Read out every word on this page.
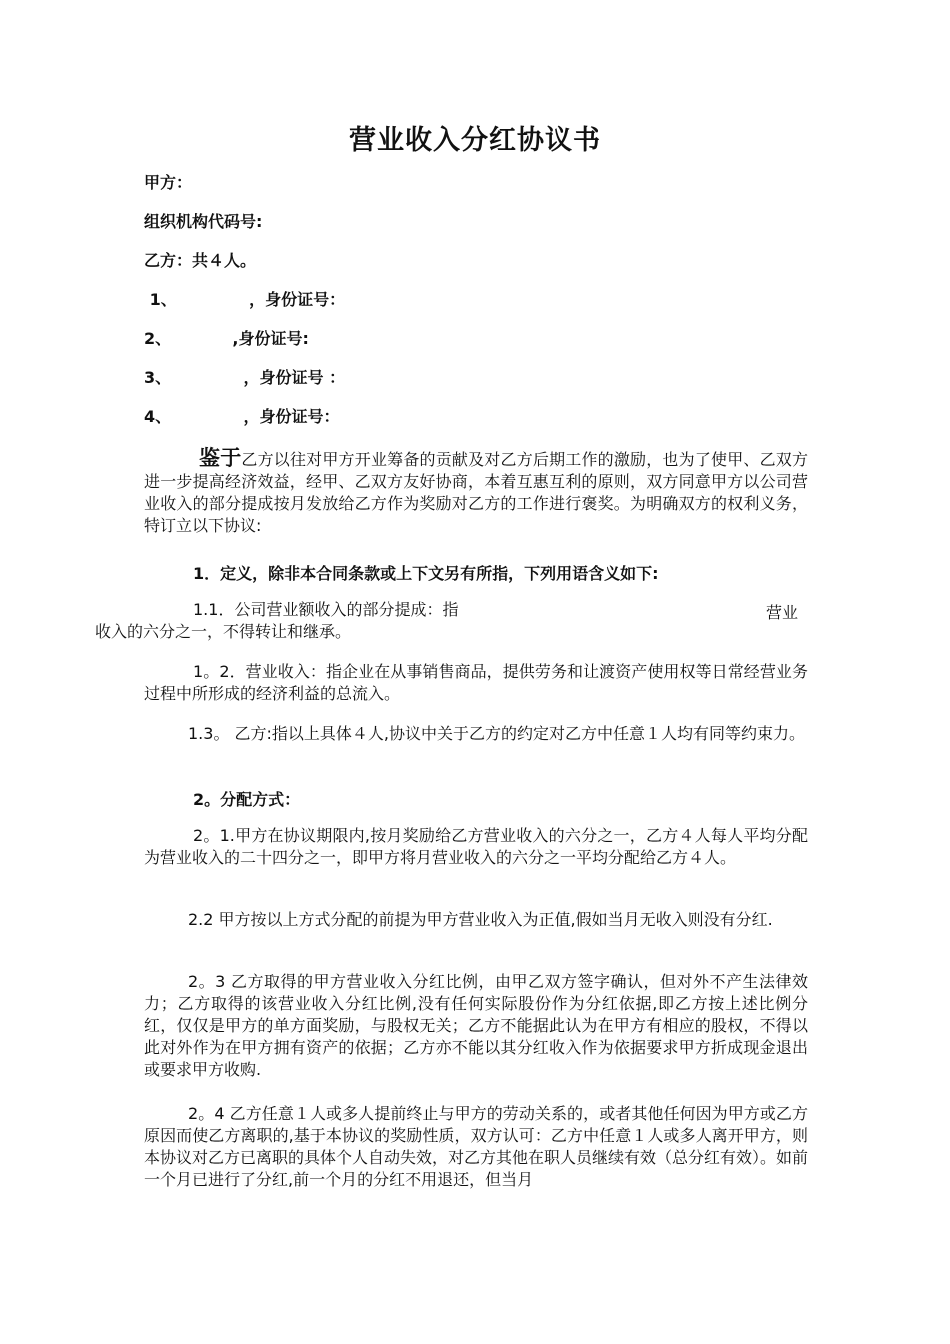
营业收入分红协议书
甲方：
组织机构代码号:
乙方：共４人。
1、             ，身份证号：
2、           ,身份证号:
3、             ，身份证号 ：
4、             ，身份证号：
鉴于乙方以往对甲方开业筹备的贡献及对乙方后期工作的激励，也为了使甲、乙双方进一步提高经济效益，经甲、乙双方友好协商，本着互惠互利的原则，双方同意甲方以公司营业收入的部分提成按月发放给乙方作为奖励对乙方的工作进行褒奖。为明确双方的权利义务，特订立以下协议:
1．定义，除非本合同条款或上下文另有所指，下列用语含义如下:
1.1．公司营业额收入的部分提成：指
收入的六分之一，不得转让和继承。
营业
1。2．营业收入：指企业在从事销售商品，提供劳务和让渡资产使用权等日常经营业务过程中所形成的经济利益的总流入。
1.3。 乙方:指以上具体４人,协议中关于乙方的约定对乙方中任意１人均有同等约束力。
2。分配方式：
2。1.甲方在协议期限内,按月奖励给乙方营业收入的六分之一，乙方４人每人平均分配为营业收入的二十四分之一，即甲方将月营业收入的六分之一平均分配给乙方４人。
2.2 甲方按以上方式分配的前提为甲方营业收入为正值,假如当月无收入则没有分红.
2。3 乙方取得的甲方营业收入分红比例，由甲乙双方签字确认，但对外不产生法律效力；乙方取得的该营业收入分红比例,没有任何实际股份作为分红依据,即乙方按上述比例分红，仅仅是甲方的单方面奖励，与股权无关；乙方不能据此认为在甲方有相应的股权，不得以此对外作为在甲方拥有资产的依据；乙方亦不能以其分红收入作为依据要求甲方折成现金退出或要求甲方收购.
2。4 乙方任意１人或多人提前终止与甲方的劳动关系的，或者其他任何因为甲方或乙方原因而使乙方离职的,基于本协议的奖励性质，双方认可：乙方中任意１人或多人离开甲方，则本协议对乙方已离职的具体个人自动失效，对乙方其他在职人员继续有效（总分红有效）。如前一个月已进行了分红,前一个月的分红不用退还，但当月
